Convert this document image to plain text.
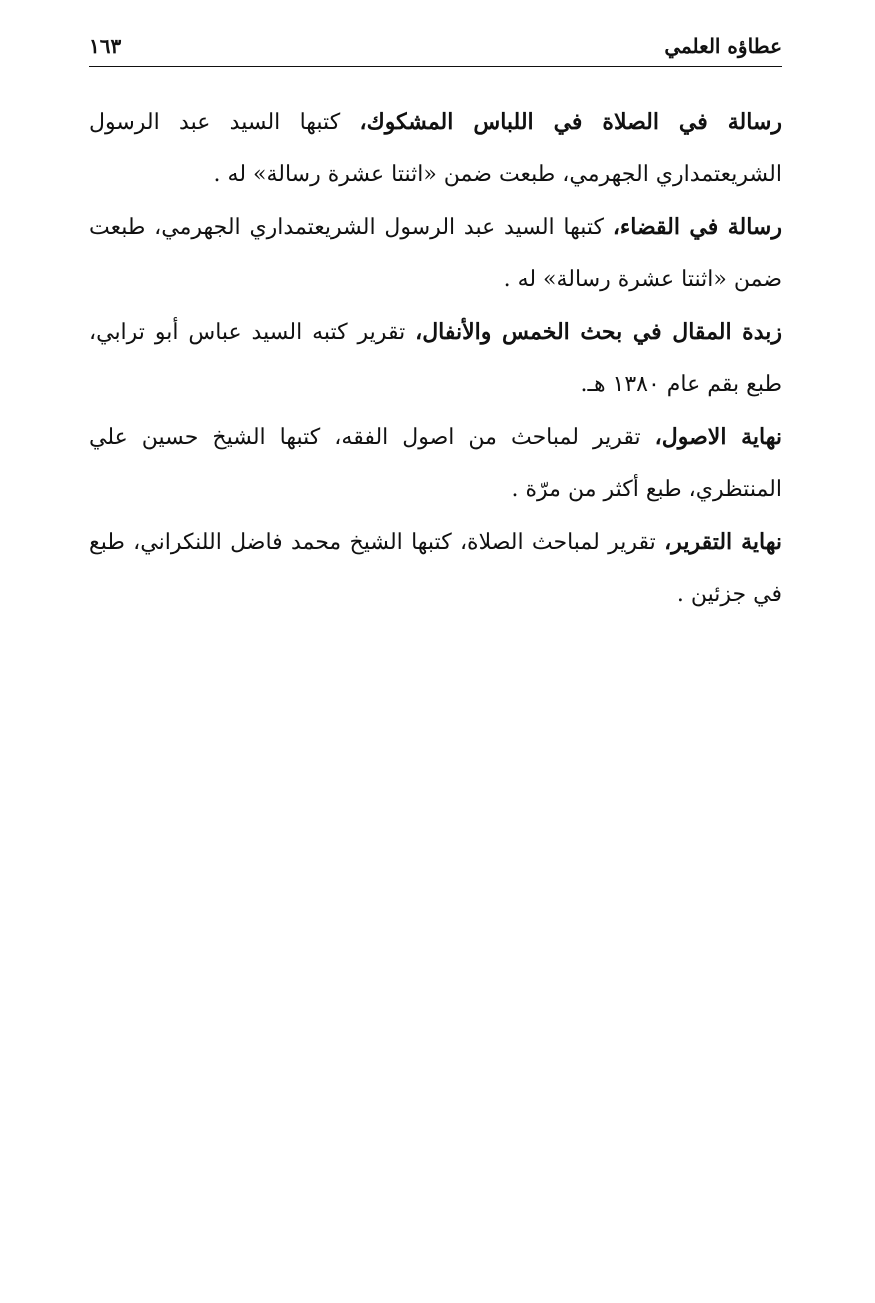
عطاؤه العلمي
١٦٣

رسالة في الصلاة في اللباس المشكوك، كتبها السيد عبد الرسول الشريعتمداري الجهرمي، طبعت ضمن «اثنتا عشرة رسالة» له .

رسالة في القضاء، كتبها السيد عبد الرسول الشريعتمداري الجهرمي، طبعت ضمن «اثنتا عشرة رسالة» له .

زبدة المقال في بحث الخمس والأنفال، تقرير كتبه السيد عباس أبو ترابي، طبع بقم عام ١٣٨٠ هـ.

نهاية الاصول، تقرير لمباحث من اصول الفقه، كتبها الشيخ حسين علي المنتظري، طبع أكثر من مرّة .

نهاية التقرير، تقرير لمباحث الصلاة، كتبها الشيخ محمد فاضل اللنكراني، طبع في جزئين .
